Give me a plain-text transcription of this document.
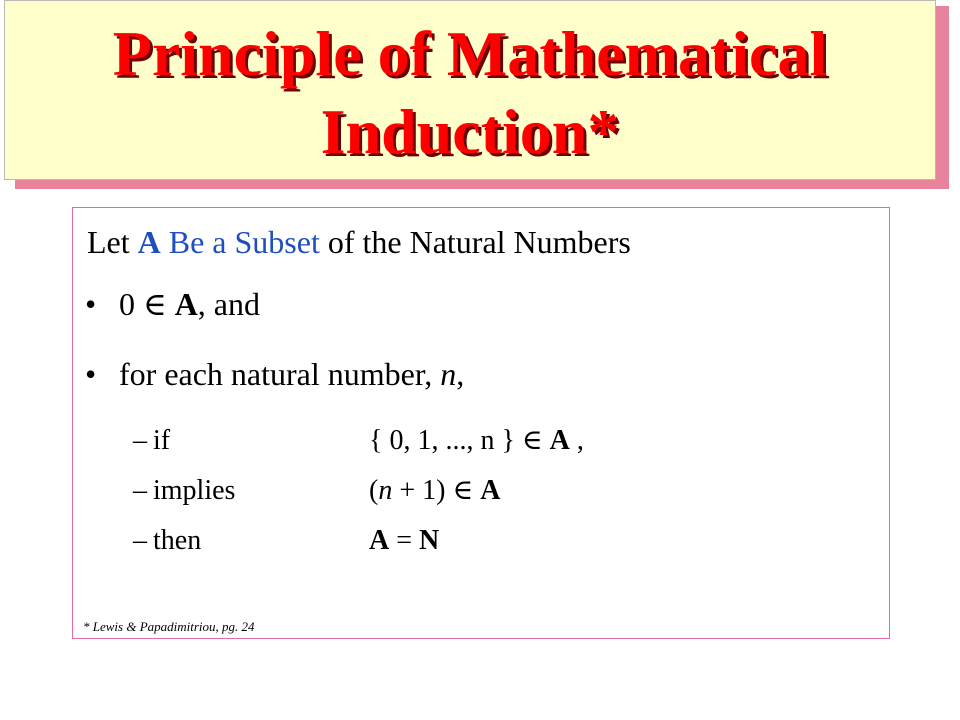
Principle of Mathematical
Induction*
Let A Be a Subset of the Natural Numbers
• 0 ∈ A, and
• for each natural number, n,
– if	{ 0, 1, ..., n } ∈ A ,
– implies	(n + 1) ∈ A
– then	A = N
* Lewis & Papadimitriou, pg. 24
